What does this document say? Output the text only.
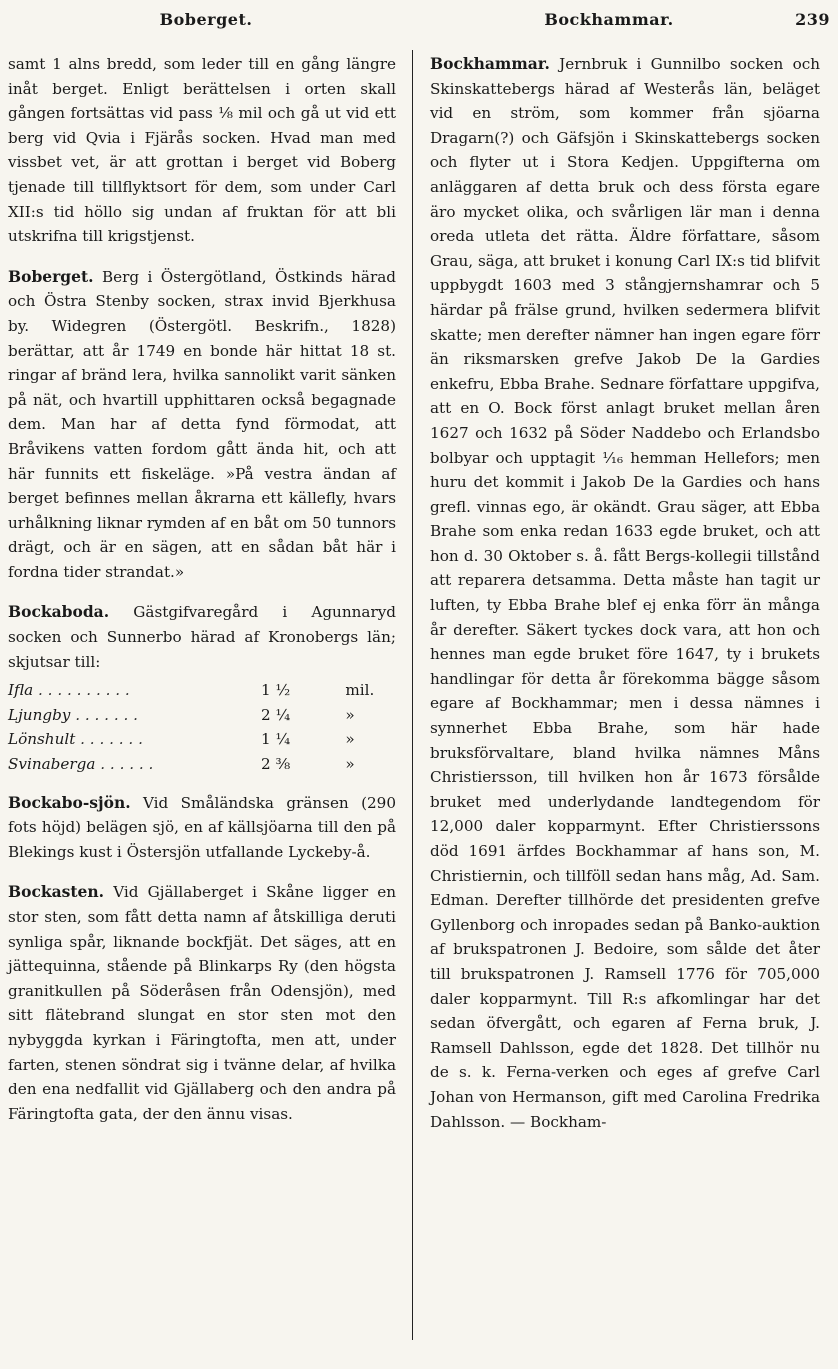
Boberget.	Bockhammar.	239

samt 1 alns bredd, som leder till en gång längre inåt berget. Enligt berättelsen i orten skall gången fortsättas vid pass ⅛ mil och gå ut vid ett berg vid Qvia i Fjärås socken. Hvad man med vissbet vet, är att grottan i berget vid Boberg tjenade till tillflyktsort för dem, som under Carl XII:s tid höllo sig undan af fruktan för att bli utskrifna till krigstjenst.

Boberget. Berg i Östergötland, Östkinds härad och Östra Stenby socken, strax invid Bjerkhusa by. Widegren (Östergötl. Beskrifn., 1828) berättar, att år 1749 en bonde här hittat 18 st. ringar af bränd lera, hvilka sannolikt varit sänken på nät, och hvartill upphittaren också begagnade dem. Man har af detta fynd förmodat, att Bråvikens vatten fordom gått ända hit, och att här funnits ett fiskeläge. »På vestra ändan af berget befinnes mellan åkrarna ett källefly, hvars urhålkning liknar rymden af en båt om 50 tunnors drägt, och är en sägen, att en sådan båt här i fordna tider strandat.»

Bockaboda. Gästgifvaregård i Agunnaryd socken och Sunnerbo härad af Kronobergs län; skjutsar till:

Ifla . . . . . . . . . .	1 ½	mil.
Ljungby . . . . . . .	2 ¼	»
Lönshult . . . . . . .	1 ¼	»
Svinaberga . . . . . .	2 ⅜	»

Bockabo-sjön. Vid Småländska gränsen (290 fots höjd) belägen sjö, en af källsjöarna till den på Blekings kust i Östersjön utfallande Lyckeby-å.

Bockasten. Vid Gjällaberget i Skåne ligger en stor sten, som fått detta namn af åtskilliga deruti synliga spår, liknande bockfjät. Det säges, att en jättequinna, stående på Blinkarps Ry (den högsta granitkullen på Söderåsen från Odensjön), med sitt flätebrand slungat en stor sten mot den nybyggda kyrkan i Färingtofta, men att, under farten, stenen söndrat sig i tvänne delar, af hvilka den ena nedfallit vid Gjällaberg och den andra på Färingtofta gata, der den ännu visas.

Bockhammar. Jernbruk i Gunnilbo socken och Skinskattebergs härad af Westerås län, beläget vid en ström, som kommer från sjöarna Dragarn(?) och Gäfsjön i Skinskattebergs socken och flyter ut i Stora Kedjen. Uppgifterna om anläggaren af detta bruk och dess första egare äro mycket olika, och svårligen lär man i denna oreda utleta det rätta. Äldre författare, såsom Grau, säga, att bruket i konung Carl IX:s tid blifvit uppbygdt 1603 med 3 stångjernshamrar och 5 härdar på frälse grund, hvilken sedermera blifvit skatte; men derefter nämner han ingen egare förr än riksmarsken grefve Jakob De la Gardies enkefru, Ebba Brahe. Sednare författare uppgifva, att en O. Bock först anlagt bruket mellan åren 1627 och 1632 på Söder Naddebo och Erlandsbo bolbyar och upptagit ¹⁄₁₆ hemman Hellefors; men huru det kommit i Jakob De la Gardies och hans grefl. vinnas ego, är okändt. Grau säger, att Ebba Brahe som enka redan 1633 egde bruket, och att hon d. 30 Oktober s. å. fått Bergs-kollegii tillstånd att reparera detsamma. Detta måste han tagit ur luften, ty Ebba Brahe blef ej enka förr än många år derefter. Säkert tyckes dock vara, att hon och hennes man egde bruket före 1647, ty i brukets handlingar för detta år förekomma bägge såsom egare af Bockhammar; men i dessa nämnes i synnerhet Ebba Brahe, som här hade bruksförvaltare, bland hvilka nämnes Måns Christiersson, till hvilken hon år 1673 försålde bruket med underlydande landtegendom för 12,000 daler kopparmynt. Efter Christierssons död 1691 ärfdes Bockhammar af hans son, M. Christiernin, och tillföll sedan hans måg, Ad. Sam. Edman. Derefter tillhörde det presidenten grefve Gyllenborg och inropades sedan på Banko-auktion af brukspatronen J. Bedoire, som sålde det åter till brukspatronen J. Ramsell 1776 för 705,000 daler kopparmynt. Till R:s afkomlingar har det sedan öfvergått, och egaren af Ferna bruk, J. Ramsell Dahlsson, egde det 1828. Det tillhör nu de s. k. Ferna-verken och eges af grefve Carl Johan von Hermanson, gift med Carolina Fredrika Dahlsson. — Bockham-
